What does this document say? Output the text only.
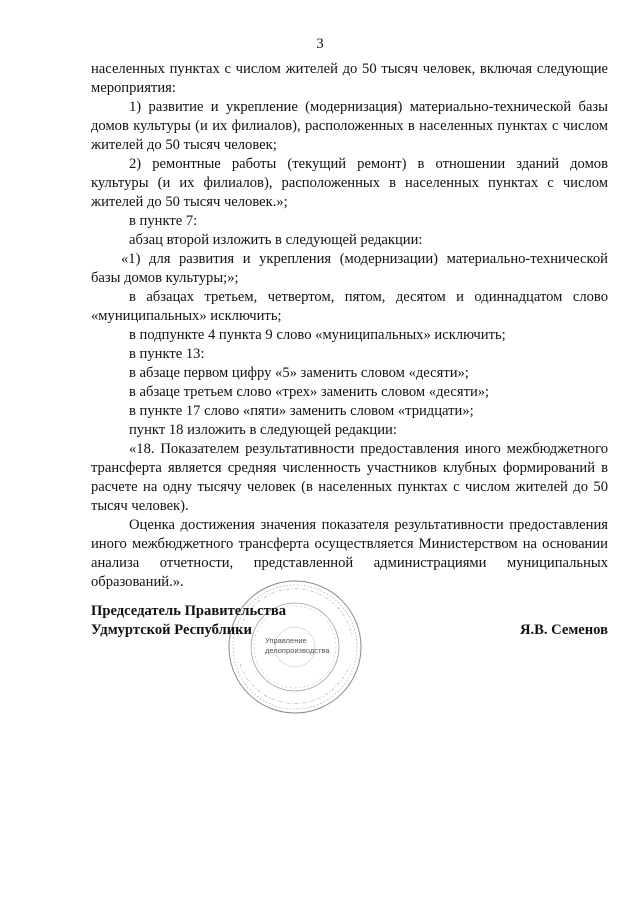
3

населенных пунктах с числом жителей до 50 тысяч человек, включая следующие мероприятия:

1) развитие и укрепление (модернизация) материально-технической базы домов культуры (и их филиалов), расположенных в населенных пунктах с числом жителей до 50 тысяч человек;

2) ремонтные работы (текущий ремонт) в отношении зданий домов культуры (и их филиалов), расположенных в населенных пунктах с числом жителей до 50 тысяч человек.»;

в пункте 7:

абзац второй изложить в следующей редакции:

«1) для развития и укрепления (модернизации) материально-технической базы домов культуры;»;

в абзацах третьем, четвертом, пятом, десятом и одиннадцатом слово «муниципальных» исключить;

в подпункте 4 пункта 9 слово «муниципальных» исключить;

в пункте 13:

в абзаце первом цифру «5» заменить словом «десяти»;

в абзаце третьем слово «трех» заменить словом «десяти»;

в пункте 17 слово «пяти» заменить словом «тридцати»;

пункт 18 изложить в следующей редакции:

«18. Показателем результативности предоставления иного межбюджетного трансферта является средняя численность участников клубных формирований в расчете на одну тысячу человек (в населенных пунктах с числом жителей до 50 тысяч человек).

Оценка достижения значения показателя результативности предоставления иного межбюджетного трансферта осуществляется Министерством на основании анализа отчетности, представленной администрациями муниципальных образований.».

Управление
делопроизводства
Председатель Правительства
Удмуртской Республики	Я.В. Семенов
